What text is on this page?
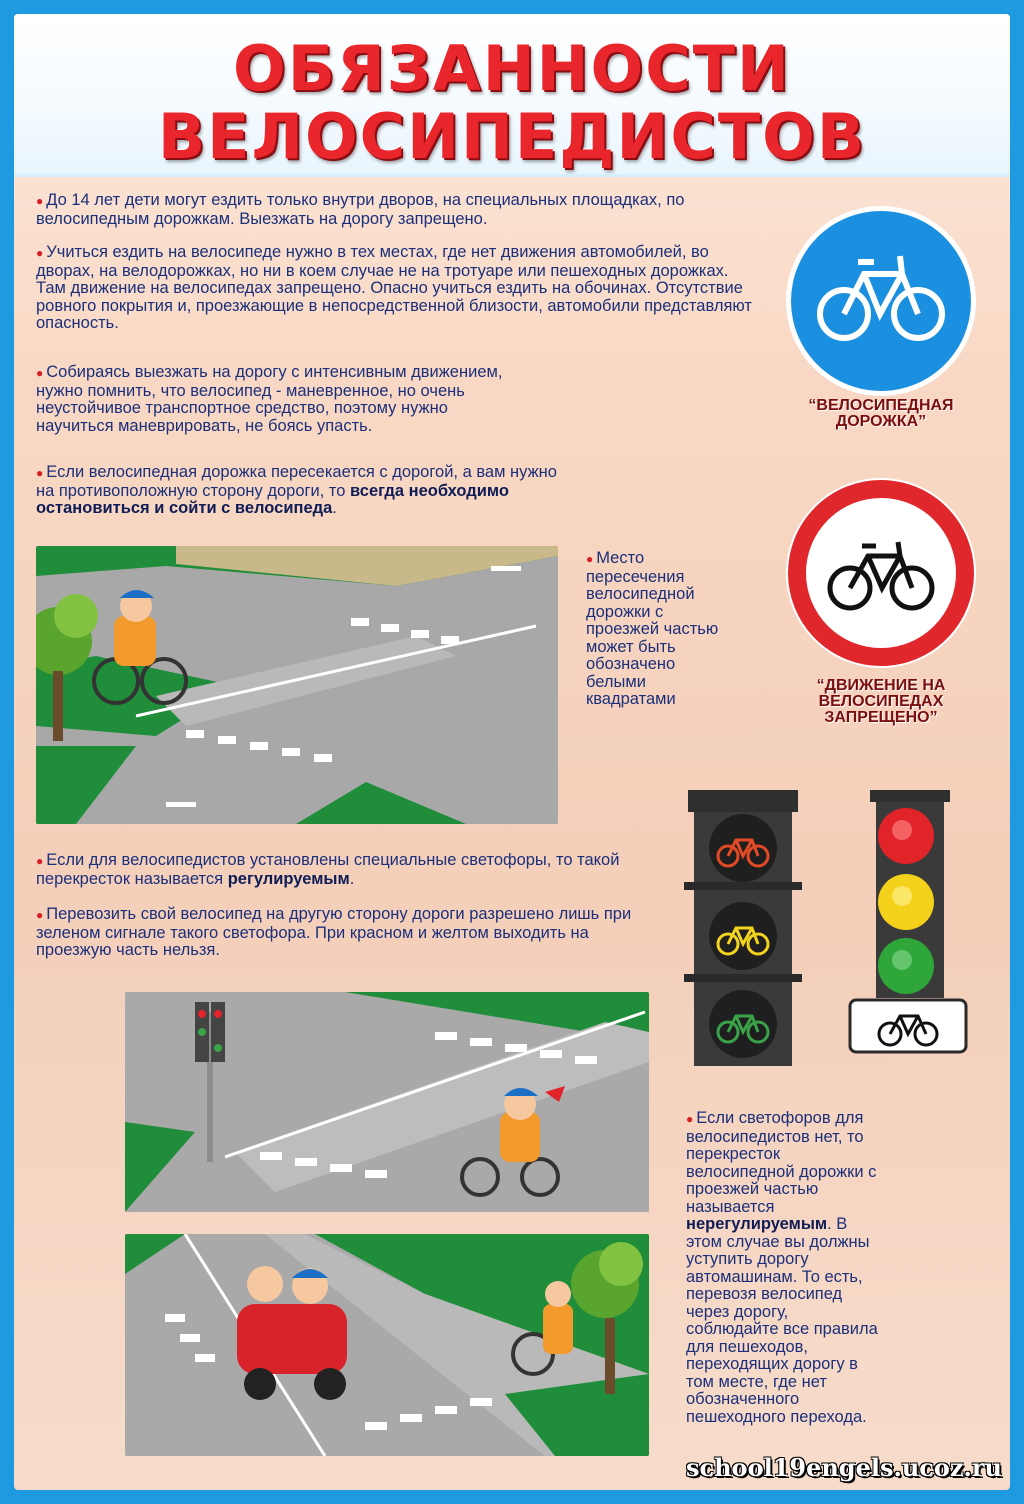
ОБЯЗАННОСТИ
ВЕЛОСИПЕДИСТОВ
● До 14 лет дети могут ездить только внутри дворов, на специальных площадках, по велосипедным дорожкам. Выезжать на дорогу запрещено.
● Учиться ездить на велосипеде нужно в тех местах, где нет движения автомобилей, во дворах, на велодорожках, но ни в коем случае не на тротуаре или пешеходных дорожках. Там движение на велосипедах запрещено. Опасно учиться ездить на обочинах. Отсутствие ровного покрытия и, проезжающие в непосредственной близости, автомобили представляют опасность.
● Собираясь выезжать на дорогу с интенсивным движением, нужно помнить, что велосипед - маневренное, но очень неустойчивое транспортное средство, поэтому нужно научиться маневрировать, не боясь упасть.
● Если велосипедная дорожка пересекается с дорогой, а вам нужно на противоположную сторону дороги, то всегда необходимо остановиться и сойти с велосипеда.
● Место пересечения велосипедной дорожки с проезжей частью может быть обозначено белыми квадратами
“ВЕЛОСИПЕДНАЯ ДОРОЖКА”
“ДВИЖЕНИЕ НА ВЕЛОСИПЕДАХ ЗАПРЕЩЕНО”
● Если для велосипедистов установлены специальные светофоры, то такой перекресток называется регулируемым.
● Перевозить свой велосипед на другую сторону дороги разрешено лишь при зеленом сигнале такого светофора. При красном и желтом выходить на проезжую часть нельзя.
● Если светофоров для велосипедистов нет, то перекресток велосипедной дорожки с проезжей частью называется нерегулируемым. В этом случае вы должны уступить дорогу автомашинам. То есть, перевозя велосипед через дорогу, соблюдайте все правила для пешеходов, переходящих дорогу в том месте, где нет обозначенного пешеходного перехода.
school19engels.ucoz.ru
